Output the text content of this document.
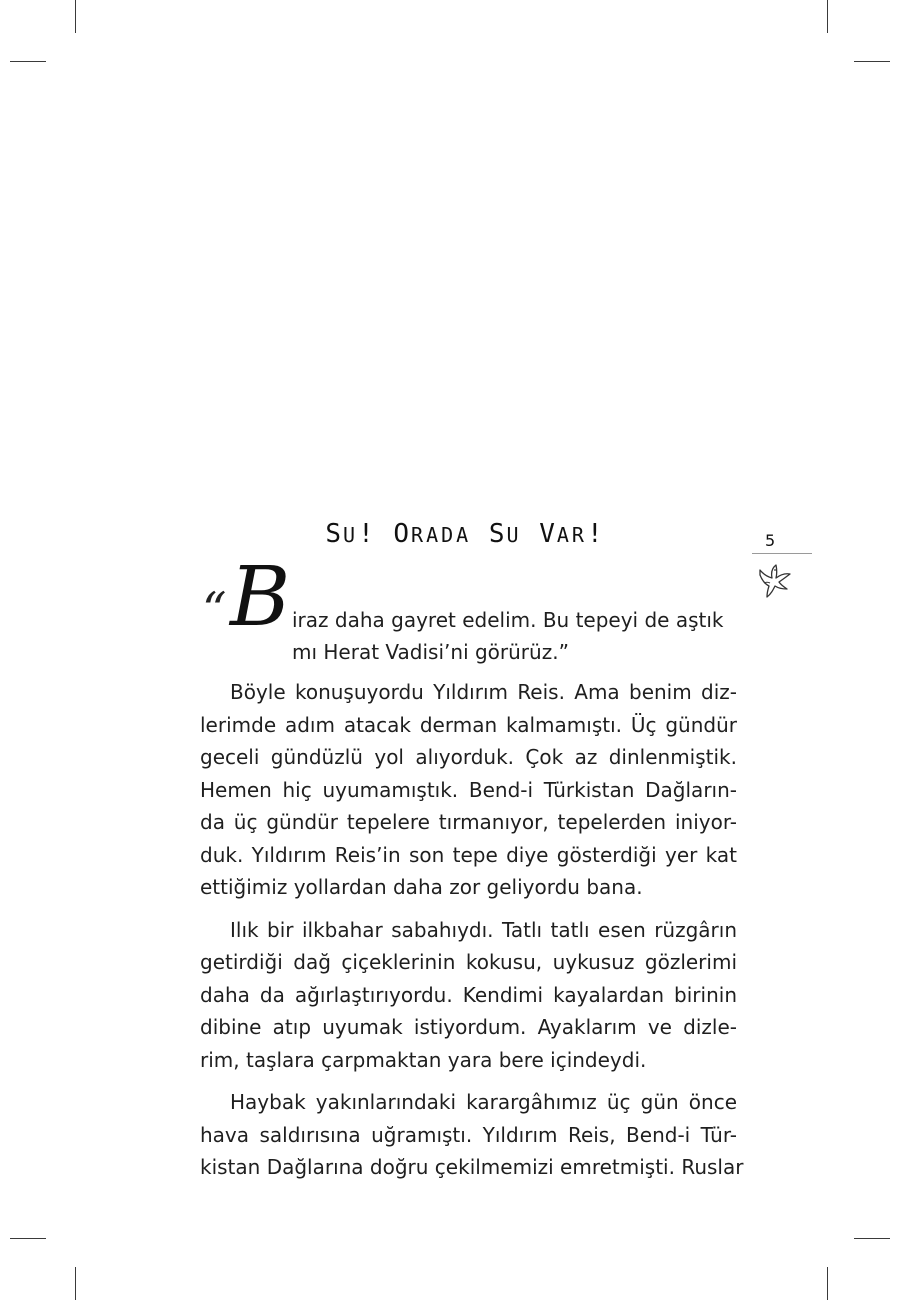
SU! ORADA SU VAR!	5
“ B iraz daha gayret edelim. Bu tepeyi de aştık
mı Herat Vadisi’ni görürüz.”

Böyle konuşuyordu Yıldırım Reis. Ama benim diz-
lerimde adım atacak derman kalmamıştı. Üç gündür
geceli gündüzlü yol alıyorduk. Çok az dinlenmiştik.
Hemen hiç uyumamıştık. Bend-i Türkistan Dağların-
da üç gündür tepelere tırmanıyor, tepelerden iniyor-
duk. Yıldırım Reis’in son tepe diye gösterdiği yer kat
ettiğimiz yollardan daha zor geliyordu bana.

Ilık bir ilkbahar sabahıydı. Tatlı tatlı esen rüzgârın
getirdiği dağ çiçeklerinin kokusu, uykusuz gözlerimi
daha da ağırlaştırıyordu. Kendimi kayalardan birinin
dibine atıp uyumak istiyordum. Ayaklarım ve dizle-
rim, taşlara çarpmaktan yara bere içindeydi.

Haybak yakınlarındaki karargâhımız üç gün önce
hava saldırısına uğramıştı. Yıldırım Reis, Bend-i Tür-
kistan Dağlarına doğru çekilmemizi emretmişti. Ruslar
